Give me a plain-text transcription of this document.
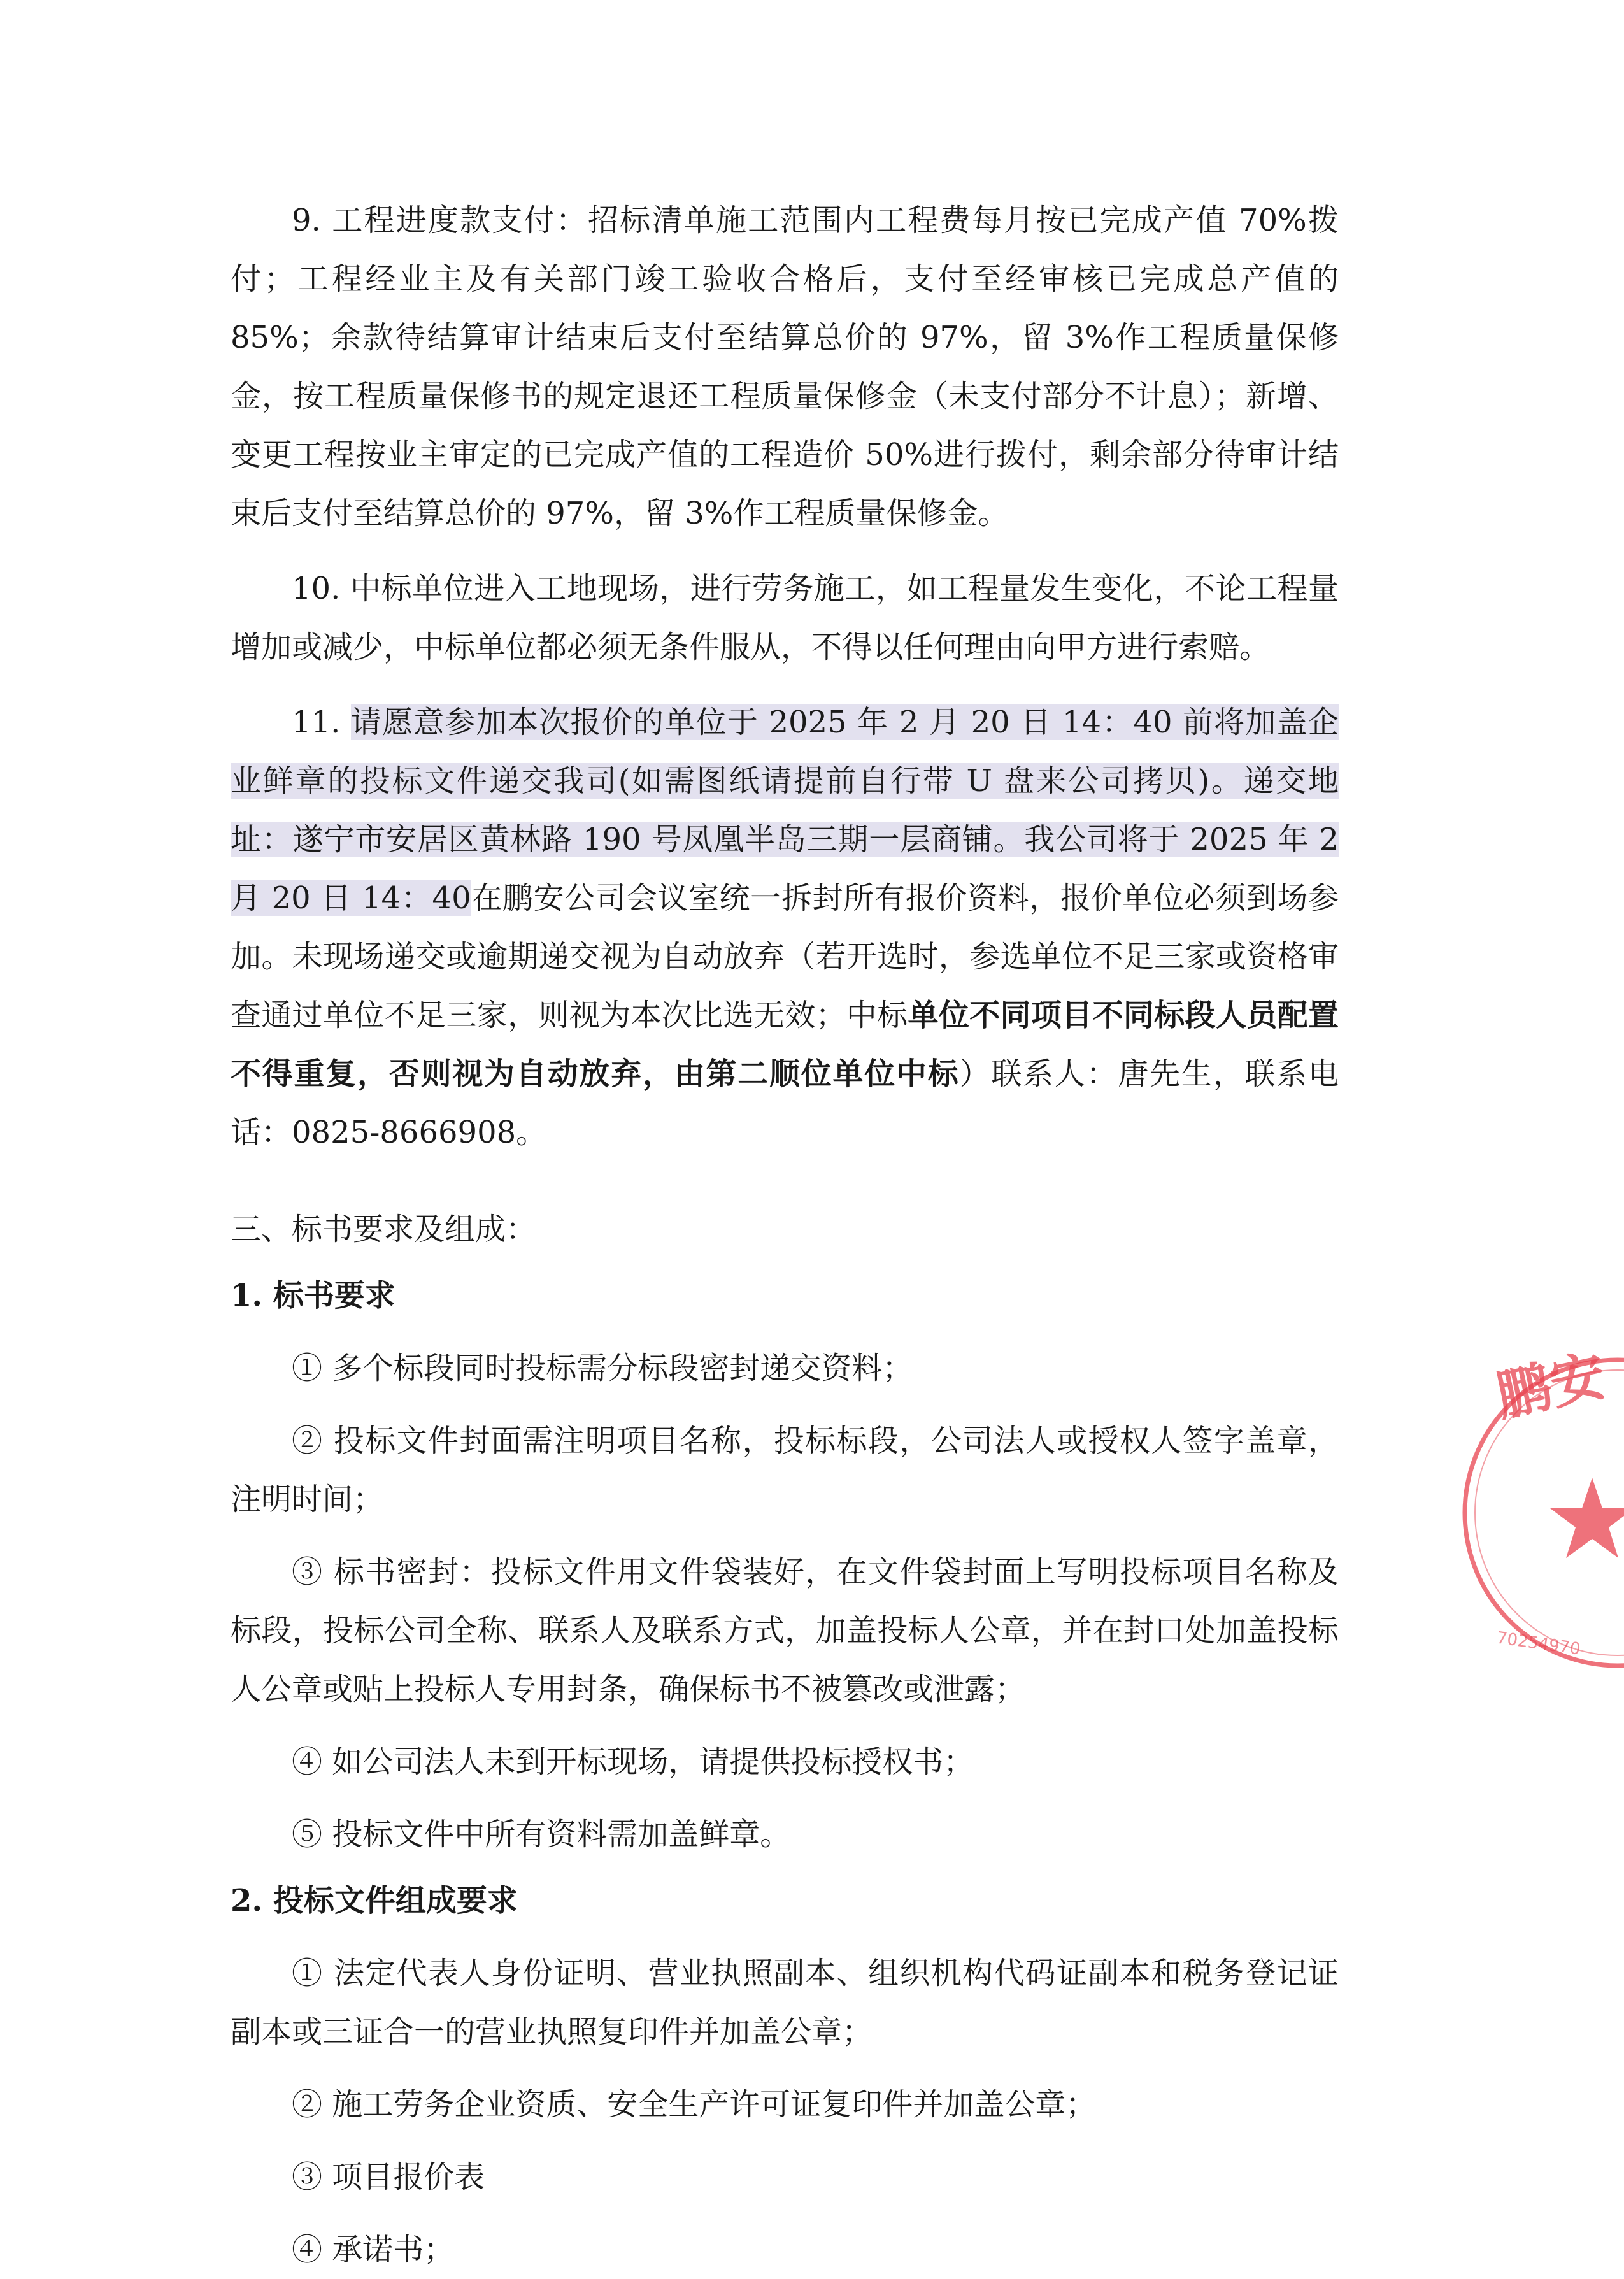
9. 工程进度款支付：招标清单施工范围内工程费每月按已完成产值 70%拨付；工程经业主及有关部门竣工验收合格后，支付至经审核已完成总产值的 85%；余款待结算审计结束后支付至结算总价的 97%，留 3%作工程质量保修金，按工程质量保修书的规定退还工程质量保修金（未支付部分不计息）；新增、变更工程按业主审定的已完成产值的工程造价 50%进行拨付，剩余部分待审计结束后支付至结算总价的 97%，留 3%作工程质量保修金。

10. 中标单位进入工地现场，进行劳务施工，如工程量发生变化，不论工程量增加或减少，中标单位都必须无条件服从，不得以任何理由向甲方进行索赔。

11. 请愿意参加本次报价的单位于 2025 年 2 月 20 日 14：40 前将加盖企业鲜章的投标文件递交我司(如需图纸请提前自行带 U 盘来公司拷贝)。递交地址：遂宁市安居区黄林路 190 号凤凰半岛三期一层商铺。我公司将于 2025 年 2 月 20 日 14：40在鹏安公司会议室统一拆封所有报价资料，报价单位必须到场参加。未现场递交或逾期递交视为自动放弃（若开选时，参选单位不足三家或资格审查通过单位不足三家，则视为本次比选无效；中标单位不同项目不同标段人员配置不得重复，否则视为自动放弃，由第二顺位单位中标）联系人：唐先生，联系电话：0825-8666908。

三、标书要求及组成：

1. 标书要求

① 多个标段同时投标需分标段密封递交资料；

② 投标文件封面需注明项目名称，投标标段，公司法人或授权人签字盖章，注明时间；

③ 标书密封：投标文件用文件袋装好，在文件袋封面上写明投标项目名称及标段，投标公司全称、联系人及联系方式，加盖投标人公章，并在封口处加盖投标人公章或贴上投标人专用封条，确保标书不被篡改或泄露；

④ 如公司法人未到开标现场，请提供投标授权书；

⑤ 投标文件中所有资料需加盖鲜章。

2. 投标文件组成要求

① 法定代表人身份证明、营业执照副本、组织机构代码证副本和税务登记证副本或三证合一的营业执照复印件并加盖公章；

② 施工劳务企业资质、安全生产许可证复印件并加盖公章；

③ 项目报价表

④ 承诺书；

鹏安
70254970
